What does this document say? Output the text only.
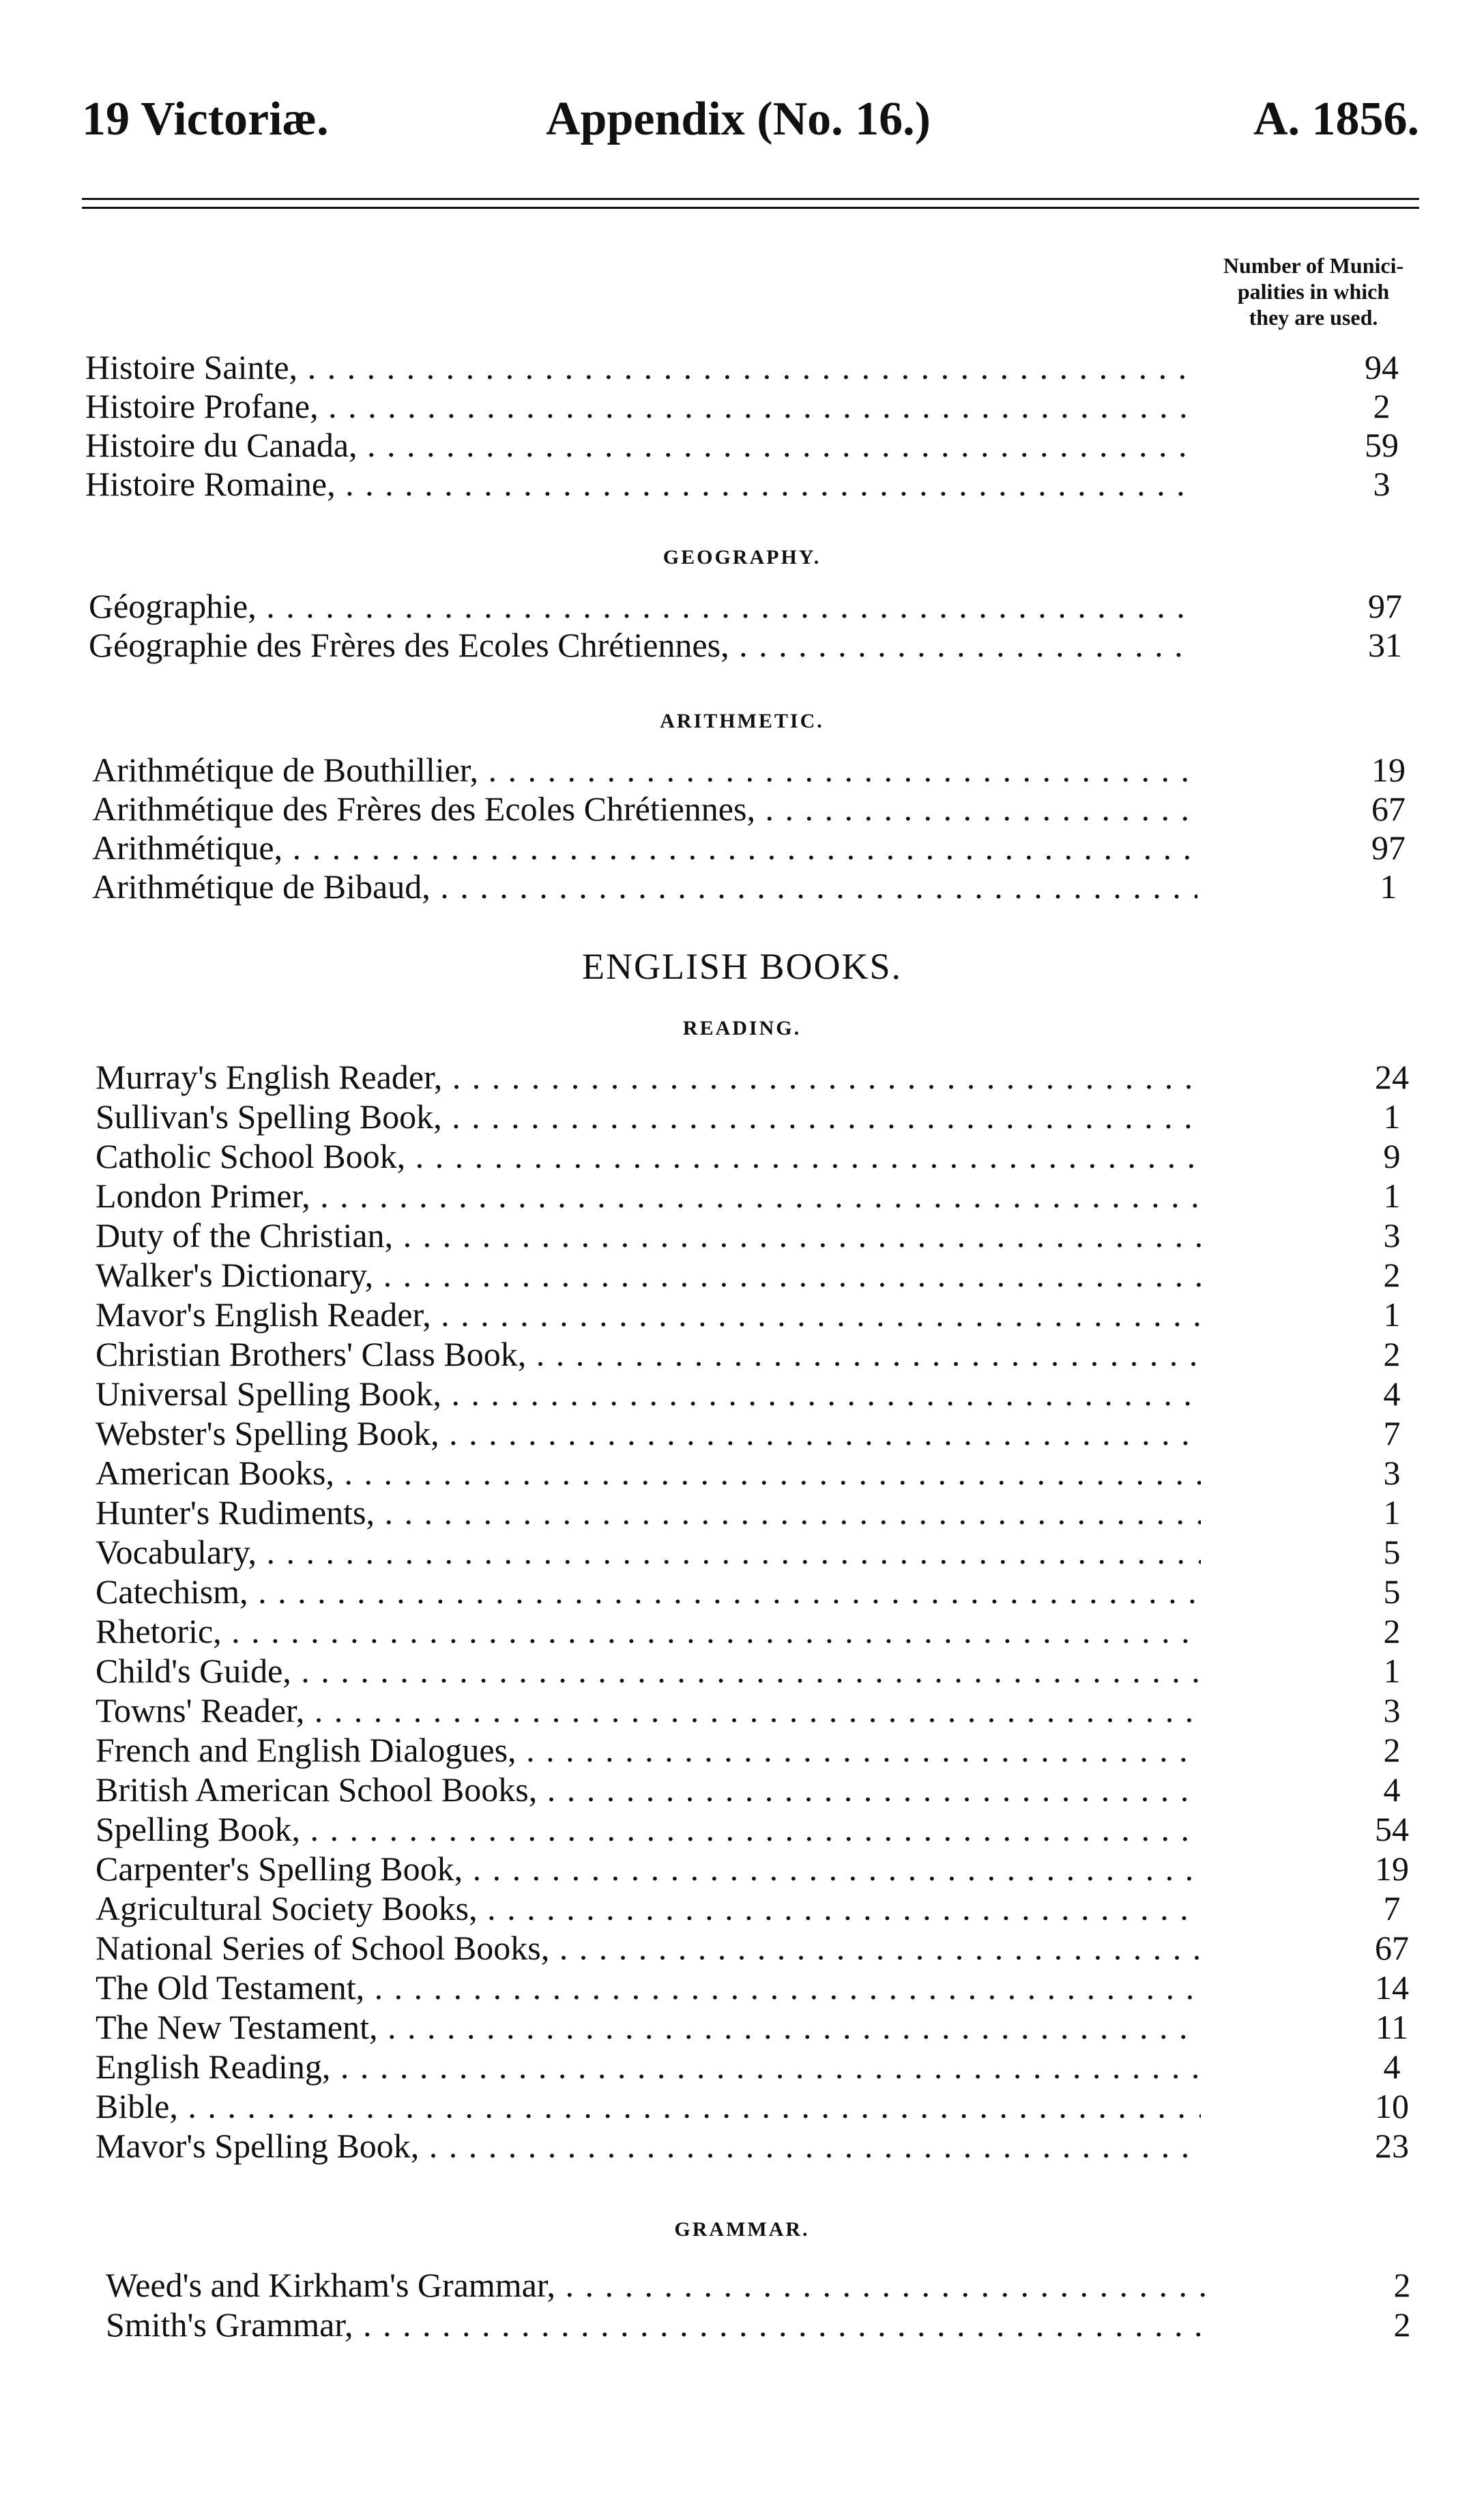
19 Victoriæ.	Appendix (No. 16.)	A. 1856.
Number of Munici-
palities in which
they are used.
Histoire Sainte, . . .	94
Histoire Profane, . . .	2
Histoire du Canada, . . .	59
Histoire Romaine, . . .	3
GEOGRAPHY.
Géographie, . . .	97
Géographie des Frères des Ecoles Chrétiennes, . . .	31
ARITHMETIC.
Arithmétique de Bouthillier, . . .	19
Arithmétique des Frères des Ecoles Chrétiennes, . . .	67
Arithmétique, . . .	97
Arithmétique de Bibaud, . . .	1
ENGLISH BOOKS.
READING.
Murray's English Reader, . . .	24
Sullivan's Spelling Book, . . .	1
Catholic School Book, . . .	9
London Primer, . . .	1
Duty of the Christian, . . .	3
Walker's Dictionary, . . .	2
Mavor's English Reader, . . .	1
Christian Brothers' Class Book, . . .	2
Universal Spelling Book, . . .	4
Webster's Spelling Book, . . .	7
American Books, . . .	3
Hunter's Rudiments, . . .	1
Vocabulary, . . .	5
Catechism, . . .	5
Rhetoric, . . .	2
Child's Guide, . . .	1
Towns' Reader, . . .	3
French and English Dialogues, . . .	2
British American School Books, . . .	4
Spelling Book, . . .	54
Carpenter's Spelling Book, . . .	19
Agricultural Society Books, . . .	7
National Series of School Books, . . .	67
The Old Testament, . . .	14
The New Testament, . . .	11
English Reading, . . .	4
Bible, . . .	10
Mavor's Spelling Book, . . .	23
GRAMMAR.
Weed's and Kirkham's Grammar, . . .	2
Smith's Grammar, . . .	2
